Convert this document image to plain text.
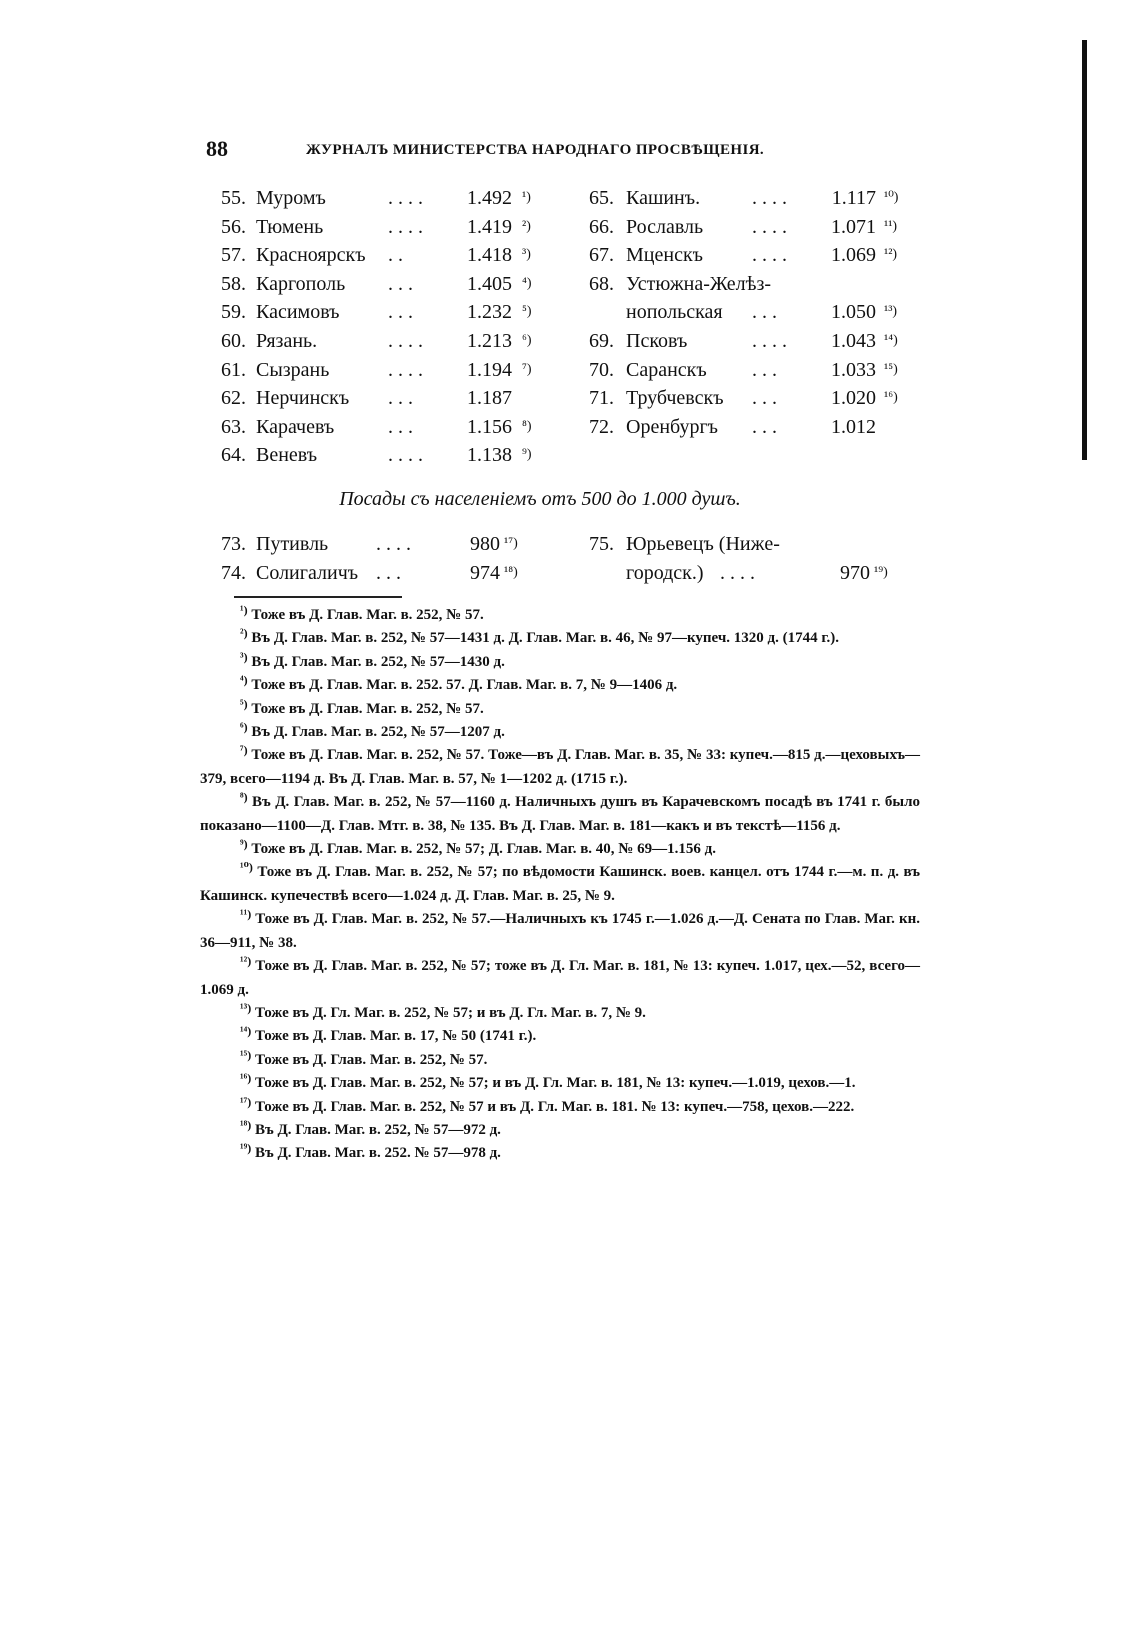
88	ЖУРНАЛЪ МИНИСТЕРСТВА НАРОДНАГО ПРОСВѢЩЕНІЯ.
55. Муромъ	. . . .	1.492 ¹)
56. Тюмень	. . . .	1.419 ²)
57. Красноярскъ . .	1.418 ³)
58. Каргополь . . .	1.405 ⁴)
59. Касимовъ . . .	1.232 ⁵)
60. Рязань.	. . . .	1.213 ⁶)
61. Сызрань	. . . .	1.194 ⁷)
62. Нерчинскъ . . .	1.187
63. Карачевъ	. . .	1.156 ⁸)
64. Веневъ	. . . .	1.138 ⁹)
65. Кашинъ.	. . . .	1.117 ¹⁰)
66. Рославль . . . .	1.071 ¹¹)
67. Мценскъ . . . .	1.069 ¹²)
68. Устюжна-Желѣз-
нопольская . . .	1.050 ¹³)
69. Псковъ	. . . .	1.043 ¹⁴)
70. Саранскъ . . .	1.033 ¹⁵)
71. Трубчевскъ . . .	1.020 ¹⁶)
72. Оренбургъ . . .	1.012
Посады съ населеніемъ отъ 500 до 1.000 душъ.
73. Путивль . . . .	980 ¹⁷)
74. Солигаличъ . . .	974 ¹⁸)
75. Юрьевецъ (Нижe-
городск.) . . . .	970 ¹⁹)

$^{^1)}$ Тоже въ Д. Глав. Маг. в. 252, № 57.

$^{^2)}$ Въ Д. Глав. Маг. в. 252, № 57—1431 д. Д. Глав. Маг. в. 46, № 97—купеч. 1320 д. (1744 г.).

$^{^3)}$ Въ Д. Глав. Маг. в. 252, № 57—1430 д.

$^{^4)}$ Тоже въ Д. Глав. Маг. в. 252. 57. Д. Глав. Маг. в. 7, № 9—1406 д.

$^{^5)}$ Тоже въ Д. Глав. Маг. в. 252, № 57.

$^{^6)}$ Въ Д. Глав. Маг. в. 252, № 57—1207 д.

$^{^7)}$ Тоже въ Д. Глав. Маг. в. 252, № 57. Тоже—въ Д. Глав. Маг. в. 35, № 33: купеч.—815 д.—цеховыхъ—379, всего—1194 д. Въ Д. Глав. Маг. в. 57, № 1—1202 д. (1715 г.).

$^{^8)}$ Въ Д. Глав. Маг. в. 252, № 57—1160 д. Наличныхъ душъ въ Карачевскомъ посадѣ въ 1741 г. было показано—1100—Д. Глав. Мтг. в. 38, № 135. Въ Д. Глав. Маг. в. 181—какъ и въ текстѣ—1156 д.

$^{^9)}$ Тоже въ Д. Глав. Маг. в. 252, № 57; Д. Глав. Маг. в. 40, № 69—1.156 д.

$^{^{10})}$ Тоже въ Д. Глав. Маг. в. 252, № 57; по вѣдомости Кашинск. воев. канцел. отъ 1744 г.—м. п. д. въ Кашинск. купечествѣ всего—1.024 д. Д. Глав. Маг. в. 25, № 9.

$^{^{11})}$ Тоже въ Д. Глав. Маг. в. 252, № 57.—Наличныхъ къ 1745 г.—1.026 д.—Д. Сената по Глав. Маг. кн. 36—911, № 38.

$^{^{12})}$ Тоже въ Д. Глав. Маг. в. 252, № 57; тоже въ Д. Гл. Маг. в. 181, № 13: купеч. 1.017, цех.—52, всего—1.069 д.

$^{^{13})}$ Тоже въ Д. Гл. Маг. в. 252, № 57; и въ Д. Гл. Маг. в. 7, № 9.

$^{^{14})}$ Тоже въ Д. Глав. Маг. в. 17, № 50 (1741 г.).

$^{^{15})}$ Тоже въ Д. Глав. Маг. в. 252, № 57.

$^{^{16})}$ Тоже въ Д. Глав. Маг. в. 252, № 57; и въ Д. Гл. Маг. в. 181, № 13: купеч.—1.019, цехов.—1.

$^{^{17})}$ Тоже въ Д. Глав. Маг. в. 252, № 57 и въ Д. Гл. Маг. в. 181. № 13: купеч.—758, цехов.—222.

$^{^{18})}$ Въ Д. Глав. Маг. в. 252, № 57—972 д.

$^{^{19})}$ Въ Д. Глав. Маг. в. 252. № 57—978 д.
